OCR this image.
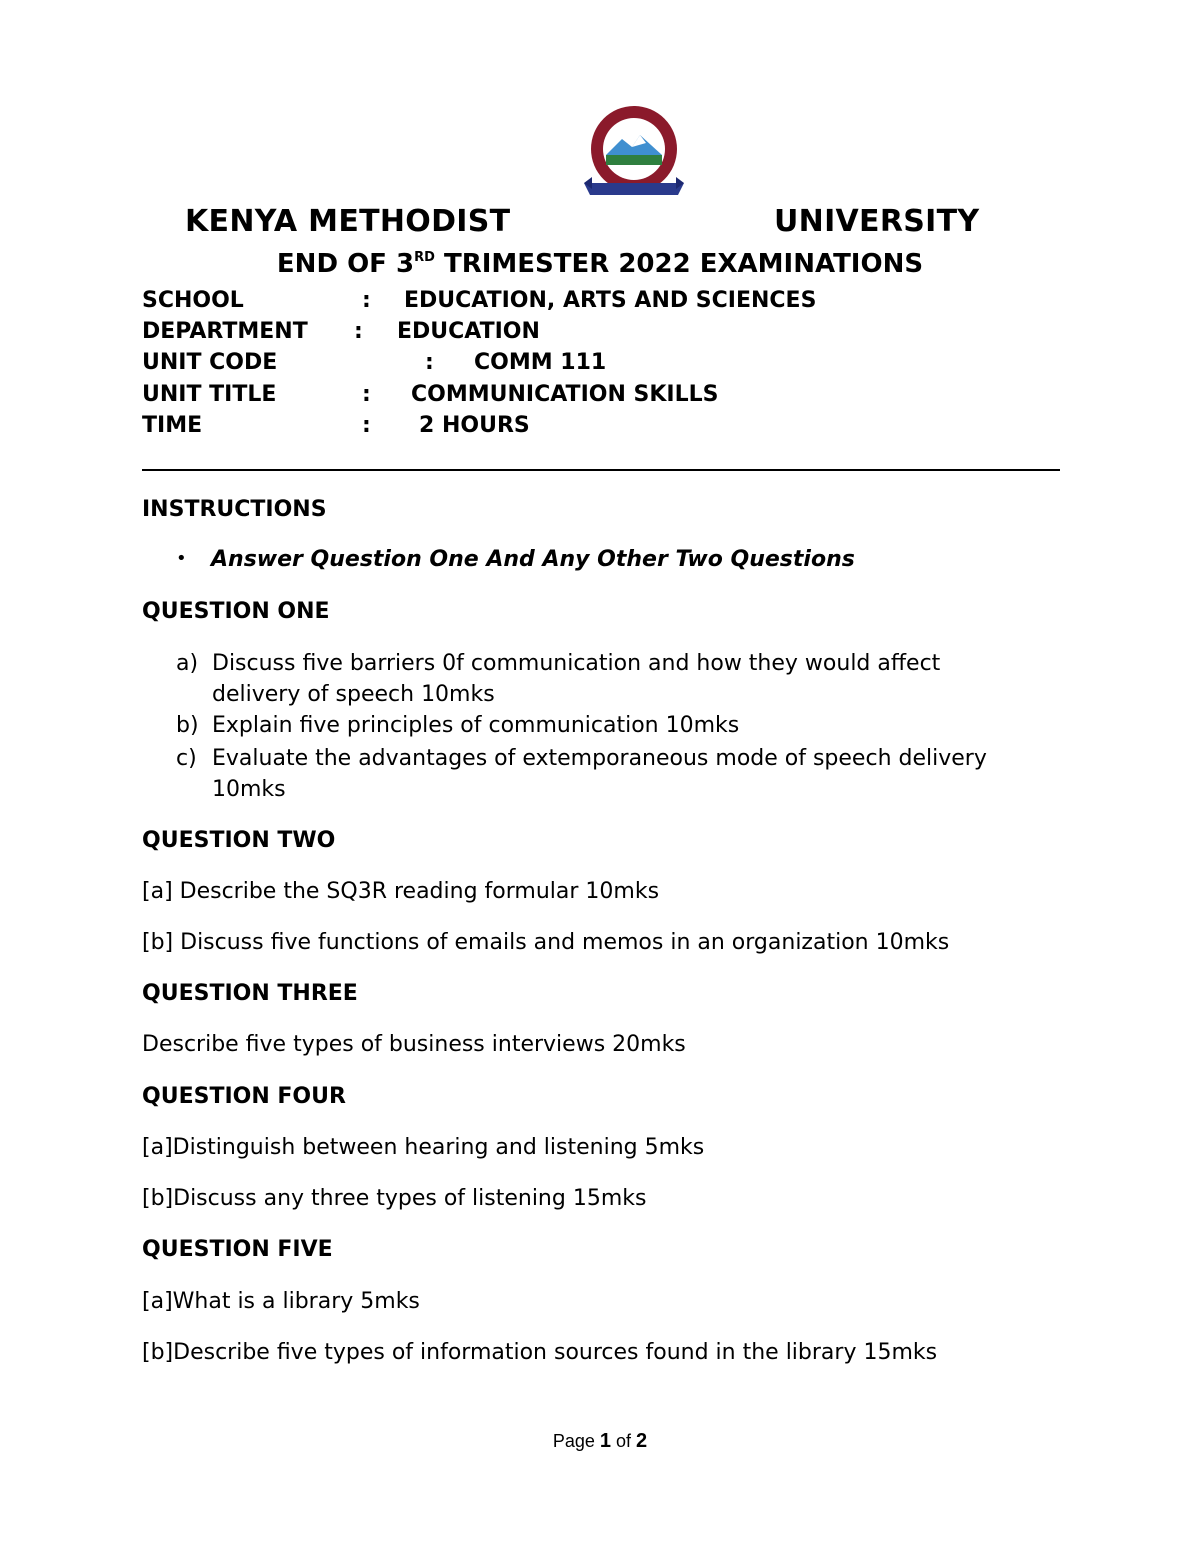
KENYA METHODIST	UNIVERSITY
END OF 3RD TRIMESTER 2022 EXAMINATIONS
SCHOOL	: EDUCATION, ARTS AND SCIENCES
DEPARTMENT : EDUCATION
UNIT CODE	: COMM 111
UNIT TITLE	: COMMUNICATION SKILLS
TIME	: 2 HOURS
INSTRUCTIONS
• Answer Question One And Any Other Two Questions
QUESTION ONE
a) Discuss five barriers 0f communication and how they would affect
delivery of speech 10mks
b) Explain five principles of communication 10mks
c) Evaluate the advantages of extemporaneous mode of speech delivery
10mks
QUESTION TWO
[a] Describe the SQ3R reading formular 10mks
[b] Discuss five functions of emails and memos in an organization 10mks
QUESTION THREE
Describe five types of business interviews 20mks
QUESTION FOUR
[a]Distinguish between hearing and listening 5mks
[b]Discuss any three types of listening 15mks
QUESTION FIVE
[a]What is a library 5mks
[b]Describe five types of information sources found in the library 15mks
Page 1 of 2
